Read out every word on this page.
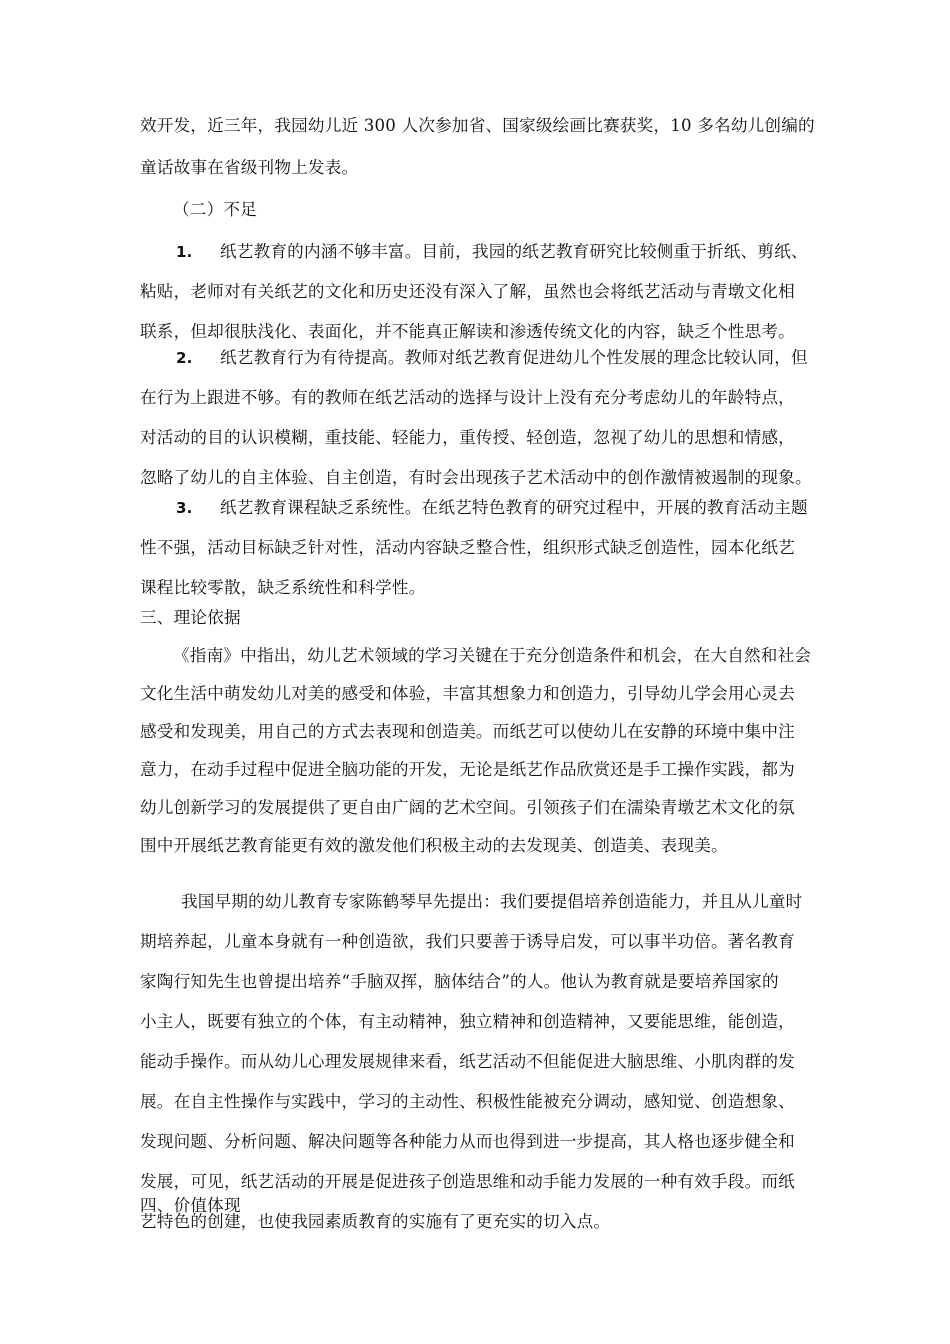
效开发，近三年，我园幼儿近 300 人次参加省、国家级绘画比赛获奖，10 多名幼儿创编的
童话故事在省级刊物上发表。
（二）不足
1. 纸艺教育的内涵不够丰富。目前，我园的纸艺教育研究比较侧重于折纸、剪纸、
粘贴，老师对有关纸艺的文化和历史还没有深入了解，虽然也会将纸艺活动与青墩文化相
联系，但却很肤浅化、表面化，并不能真正解读和渗透传统文化的内容，缺乏个性思考。
2. 纸艺教育行为有待提高。教师对纸艺教育促进幼儿个性发展的理念比较认同，但
在行为上跟进不够。有的教师在纸艺活动的选择与设计上没有充分考虑幼儿的年龄特点，
对活动的目的认识模糊，重技能、轻能力，重传授、轻创造，忽视了幼儿的思想和情感，
忽略了幼儿的自主体验、自主创造，有时会出现孩子艺术活动中的创作激情被遏制的现象。
3. 纸艺教育课程缺乏系统性。在纸艺特色教育的研究过程中，开展的教育活动主题
性不强，活动目标缺乏针对性，活动内容缺乏整合性，组织形式缺乏创造性，园本化纸艺
课程比较零散，缺乏系统性和科学性。
三、理论依据
《指南》中指出，幼儿艺术领域的学习关键在于充分创造条件和机会，在大自然和社会
文化生活中萌发幼儿对美的感受和体验，丰富其想象力和创造力，引导幼儿学会用心灵去
感受和发现美，用自己的方式去表现和创造美。而纸艺可以使幼儿在安静的环境中集中注
意力，在动手过程中促进全脑功能的开发，无论是纸艺作品欣赏还是手工操作实践，都为
幼儿创新学习的发展提供了更自由广阔的艺术空间。引领孩子们在濡染青墩艺术文化的氛
围中开展纸艺教育能更有效的激发他们积极主动的去发现美、创造美、表现美。
我国早期的幼儿教育专家陈鹤琴早先提出：我们要提倡培养创造能力，并且从儿童时
期培养起，儿童本身就有一种创造欲，我们只要善于诱导启发，可以事半功倍。著名教育
家陶行知先生也曾提出培养“手脑双挥，脑体结合”的人。他认为教育就是要培养国家的
小主人，既要有独立的个体，有主动精神，独立精神和创造精神，又要能思维，能创造，
能动手操作。而从幼儿心理发展规律来看，纸艺活动不但能促进大脑思维、小肌肉群的发
展。在自主性操作与实践中，学习的主动性、积极性能被充分调动，感知觉、创造想象、
发现问题、分析问题、解决问题等各种能力从而也得到进一步提高，其人格也逐步健全和
发展，可见，纸艺活动的开展是促进孩子创造思维和动手能力发展的一种有效手段。而纸
艺特色的创建，也使我园素质教育的实施有了更充实的切入点。
四、价值体现
